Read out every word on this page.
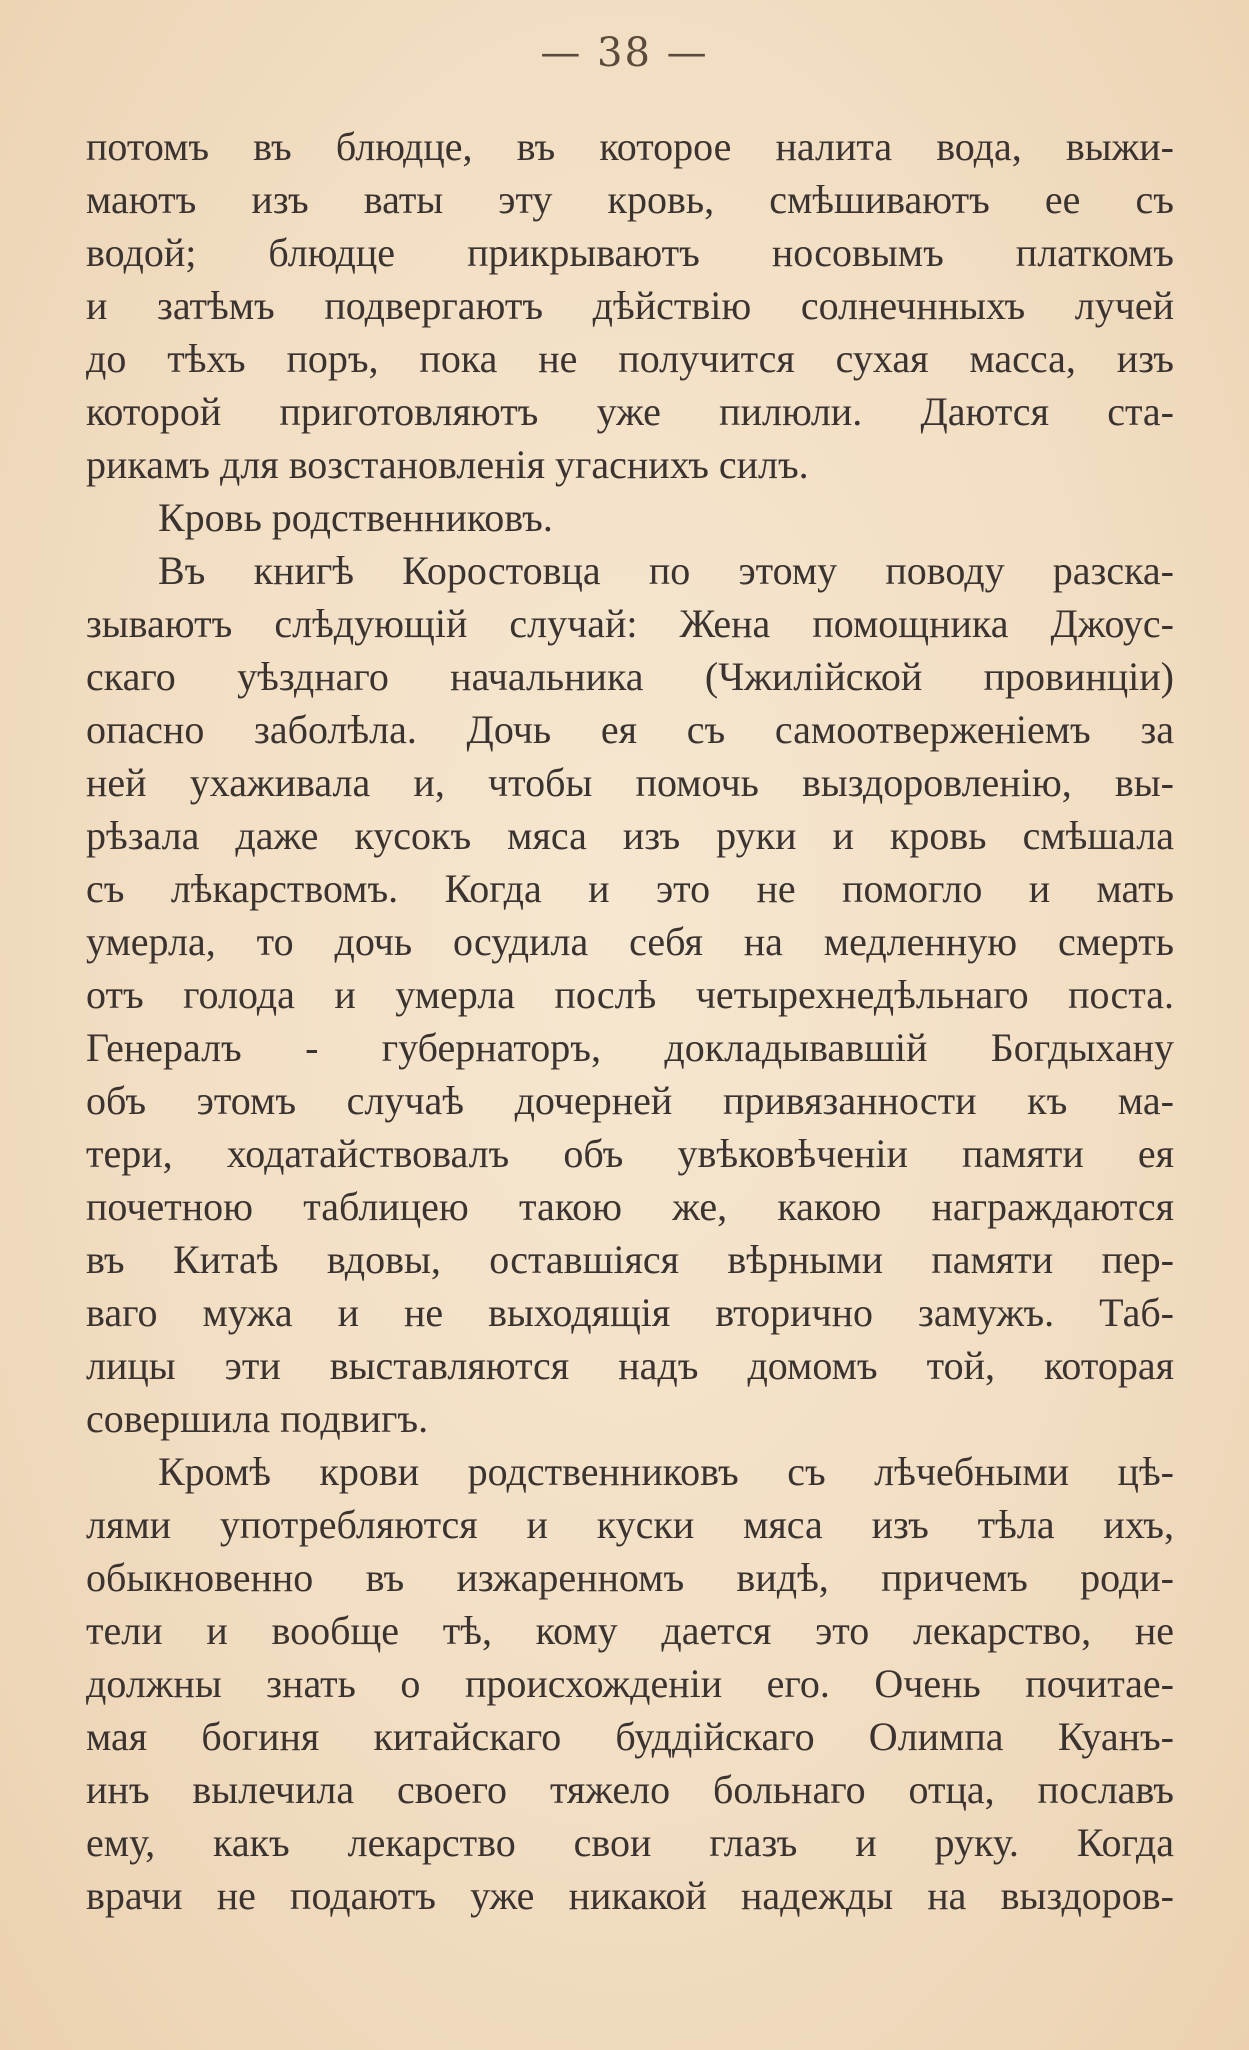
— 38 —
потомъ въ блюдце, въ которое налита вода, выжи-
маютъ изъ ваты эту кровь, смѣшиваютъ ее съ
водой; блюдце прикрываютъ носовымъ платкомъ
и затѣмъ подвергаютъ дѣйствію солнечнныхъ лучей
до тѣхъ поръ, пока не получится сухая масса, изъ
которой приготовляютъ уже пилюли. Даются ста-
рикамъ для возстановленія угаснихъ силъ.
Кровь родственниковъ.
Въ книгѣ Коростовца по этому поводу разска-
зываютъ слѣдующій случай: Жена помощника Джоус-
скаго уѣзднаго начальника (Чжилійской провинціи)
опасно заболѣла. Дочь ея съ самоотверженіемъ за
ней ухаживала и, чтобы помочь выздоровленію, вы-
рѣзала даже кусокъ мяса изъ руки и кровь смѣшала
съ лѣкарствомъ. Когда и это не помогло и мать
умерла, то дочь осудила себя на медленную смерть
отъ голода и умерла послѣ четырехнедѣльнаго поста.
Генералъ - губернаторъ, докладывавшій Богдыхану
объ этомъ случаѣ дочерней привязанности къ ма-
тери, ходатайствовалъ объ увѣковѣченіи памяти ея
почетною таблицею такою же, какою награждаются
въ Китаѣ вдовы, оставшіяся вѣрными памяти пер-
ваго мужа и не выходящія вторично замужъ. Таб-
лицы эти выставляются надъ домомъ той, которая
совершила подвигъ.
Кромѣ крови родственниковъ съ лѣчебными цѣ-
лями употребляются и куски мяса изъ тѣла ихъ,
обыкновенно въ изжаренномъ видѣ, причемъ роди-
тели и вообще тѣ, кому дается это лекарство, не
должны знать о происхожденіи его. Очень почитае-
мая богиня китайскаго буддійскаго Олимпа Куанъ-
инъ вылечила своего тяжело больнаго отца, пославъ
ему, какъ лекарство свои глазъ и руку. Когда
врачи не подаютъ уже никакой надежды на выздоров-
